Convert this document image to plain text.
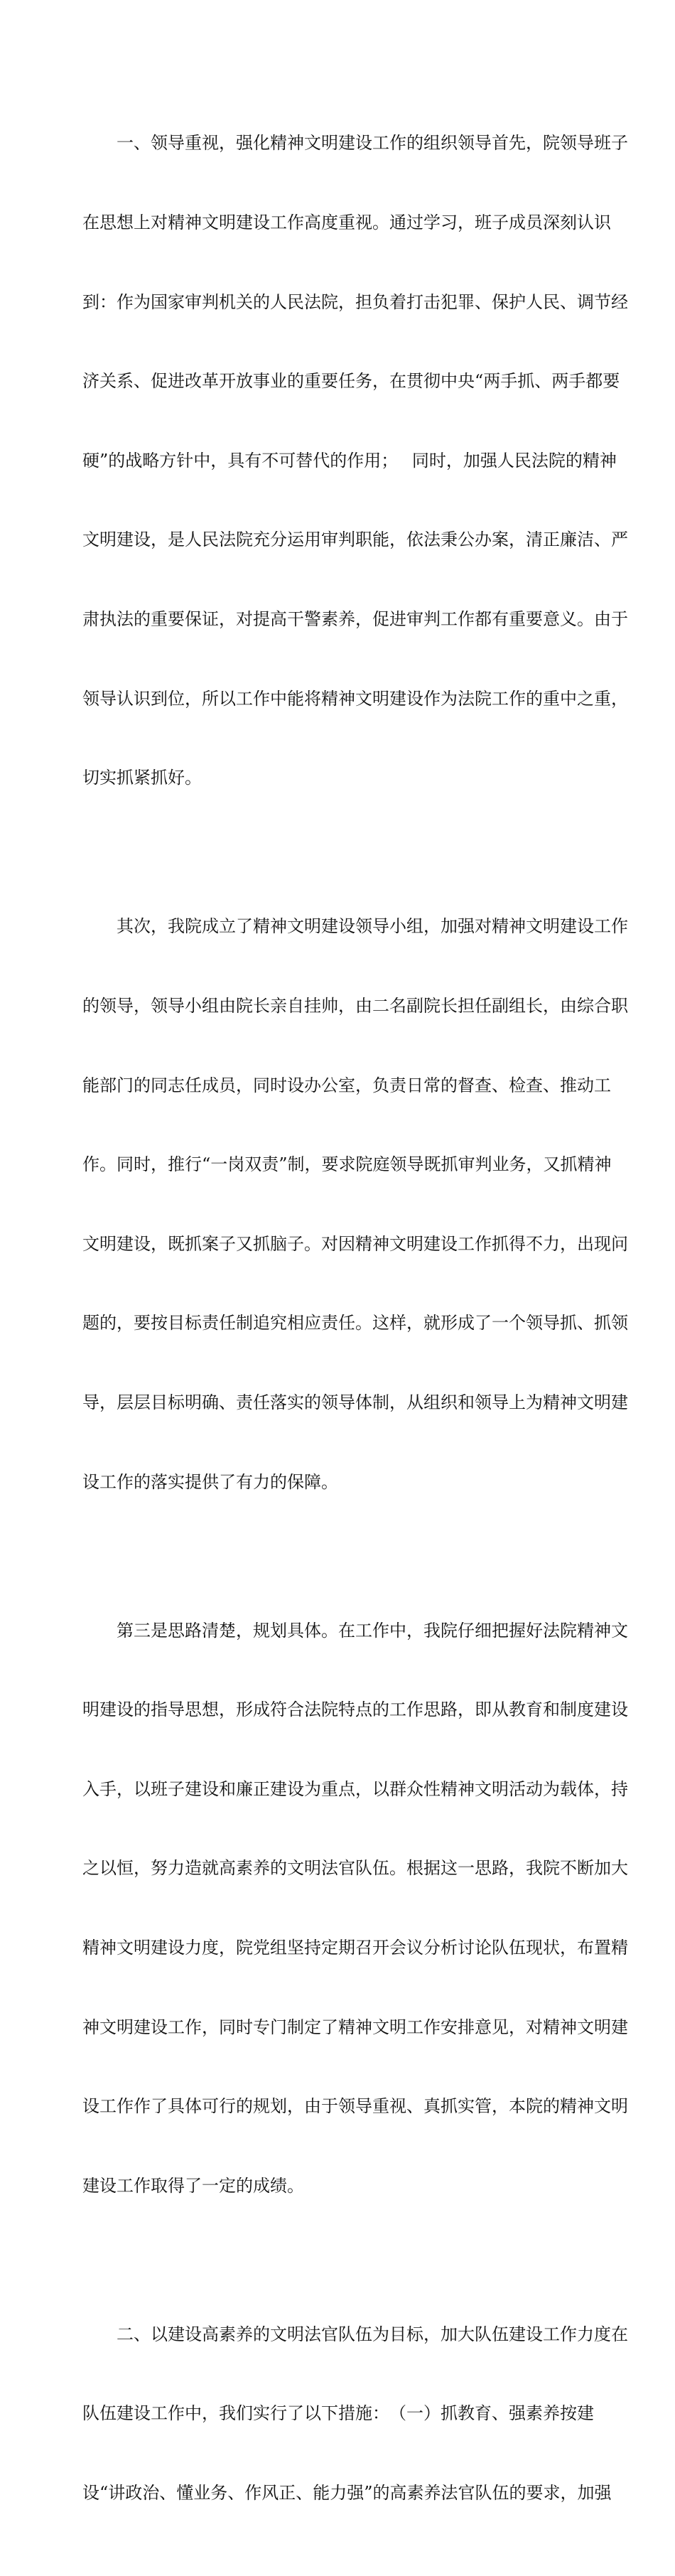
　　一、领导重视，强化精神文明建设工作的组织领导首先，院领导班子

在思想上对精神文明建设工作高度重视。通过学习，班子成员深刻认识

到：作为国家审判机关的人民法院，担负着打击犯罪、保护人民、调节经

济关系、促进改革开放事业的重要任务，在贯彻中央“两手抓、两手都要

硬”的战略方针中，具有不可替代的作用；　 同时，加强人民法院的精神

文明建设，是人民法院充分运用审判职能，依法秉公办案，清正廉洁、严

肃执法的重要保证，对提高干警素养，促进审判工作都有重要意义。由于

领导认识到位，所以工作中能将精神文明建设作为法院工作的重中之重，

切实抓紧抓好。

　　其次，我院成立了精神文明建设领导小组，加强对精神文明建设工作

的领导，领导小组由院长亲自挂帅，由二名副院长担任副组长，由综合职

能部门的同志任成员，同时设办公室，负责日常的督查、检查、推动工

作。同时，推行“一岗双责”制，要求院庭领导既抓审判业务，又抓精神

文明建设，既抓案子又抓脑子。对因精神文明建设工作抓得不力，出现问

题的，要按目标责任制追究相应责任。这样，就形成了一个领导抓、抓领

导，层层目标明确、责任落实的领导体制，从组织和领导上为精神文明建

设工作的落实提供了有力的保障。

　　第三是思路清楚，规划具体。在工作中，我院仔细把握好法院精神文

明建设的指导思想，形成符合法院特点的工作思路，即从教育和制度建设

入手，以班子建设和廉正建设为重点，以群众性精神文明活动为载体，持

之以恒，努力造就高素养的文明法官队伍。根据这一思路，我院不断加大

精神文明建设力度，院党组坚持定期召开会议分析讨论队伍现状，布置精

神文明建设工作，同时专门制定了精神文明工作安排意见，对精神文明建

设工作作了具体可行的规划，由于领导重视、真抓实管，本院的精神文明

建设工作取得了一定的成绩。

　　二、以建设高素养的文明法官队伍为目标，加大队伍建设工作力度在

队伍建设工作中，我们实行了以下措施：　（一）抓教育、强素养按建

设“讲政治、懂业务、作风正、能力强”的高素养法官队伍的要求，加强
